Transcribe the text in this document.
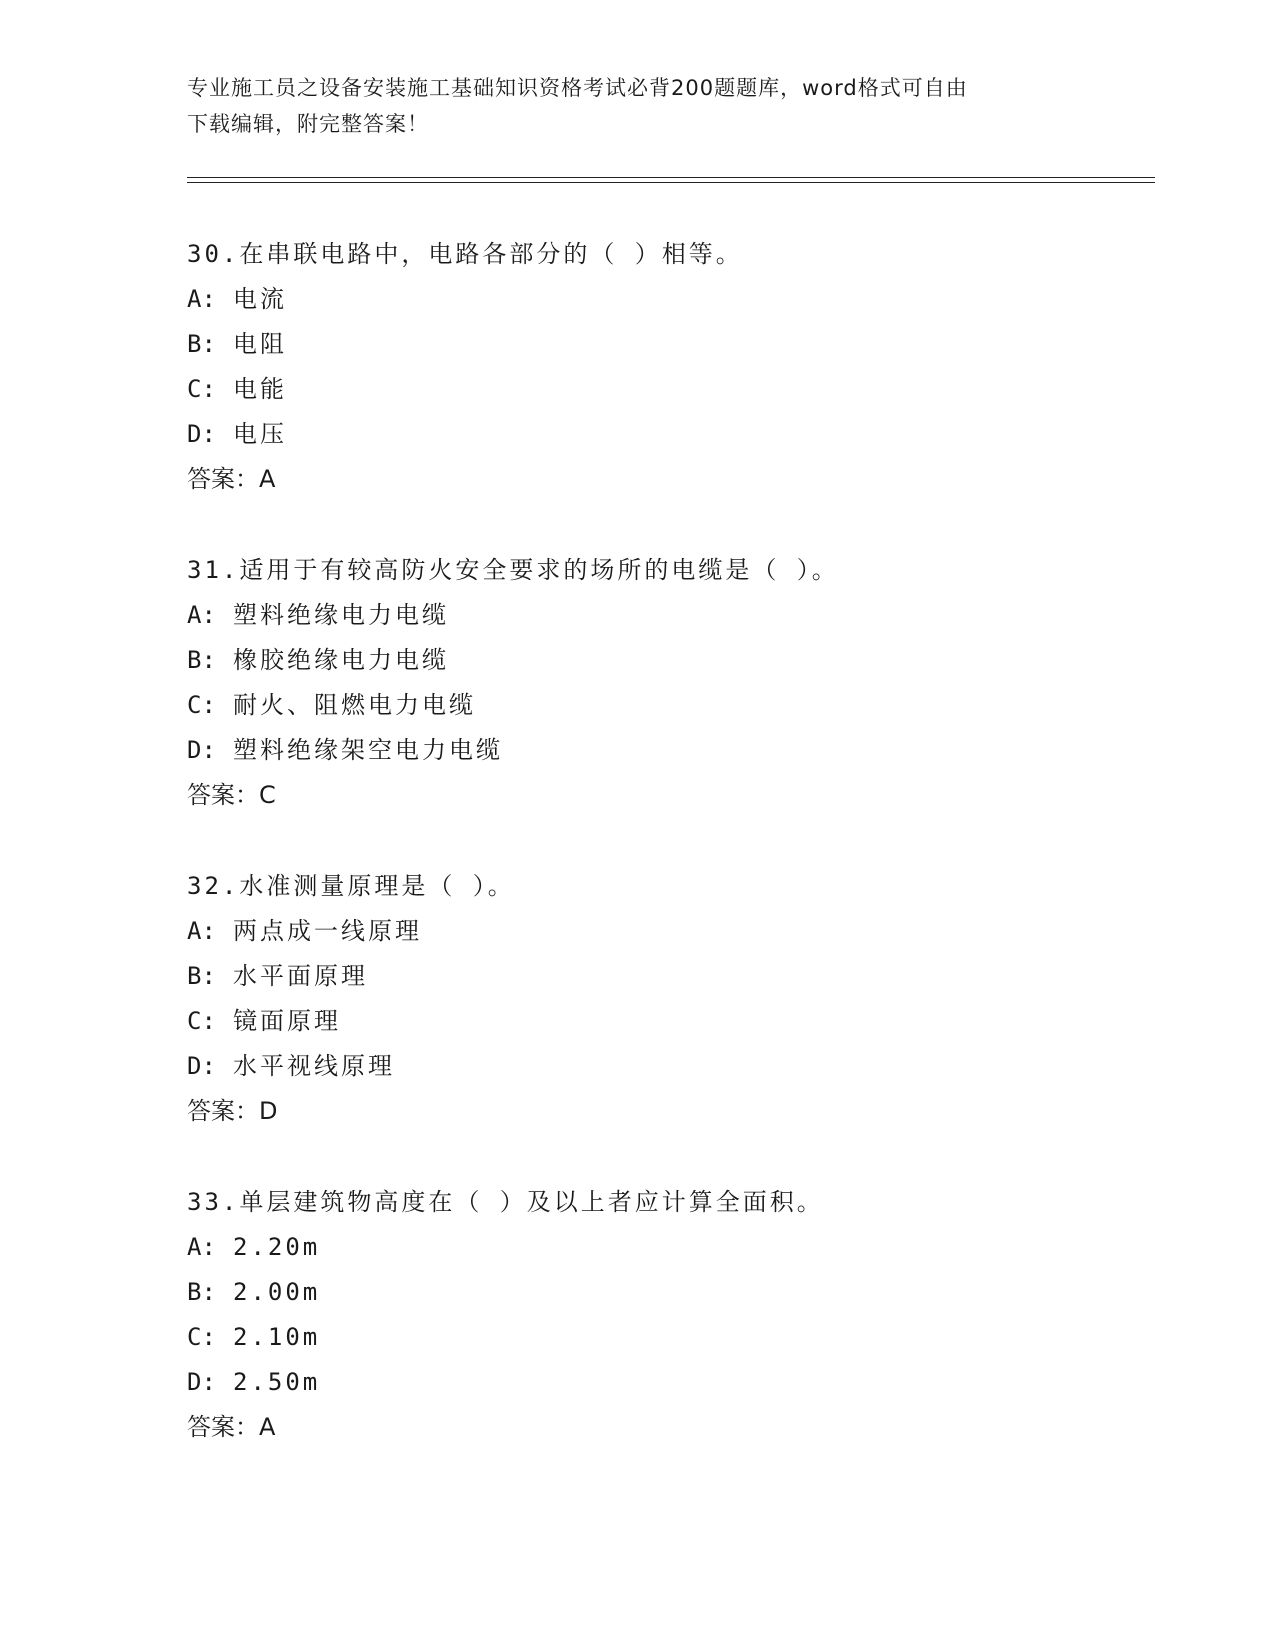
专业施工员之设备安装施工基础知识资格考试必背200题题库，word格式可自由
下载编辑，附完整答案！
30.在串联电路中，电路各部分的（ ）相等。
A: 电流
B: 电阻
C: 电能
D: 电压
答案：A
31.适用于有较高防火安全要求的场所的电缆是（ ）。
A: 塑料绝缘电力电缆
B: 橡胶绝缘电力电缆
C: 耐火、阻燃电力电缆
D: 塑料绝缘架空电力电缆
答案：C
32.水准测量原理是（ ）。
A: 两点成一线原理
B: 水平面原理
C: 镜面原理
D: 水平视线原理
答案：D
33.单层建筑物高度在（ ）及以上者应计算全面积。
A: 2.20m
B: 2.00m
C: 2.10m
D: 2.50m
答案：A
